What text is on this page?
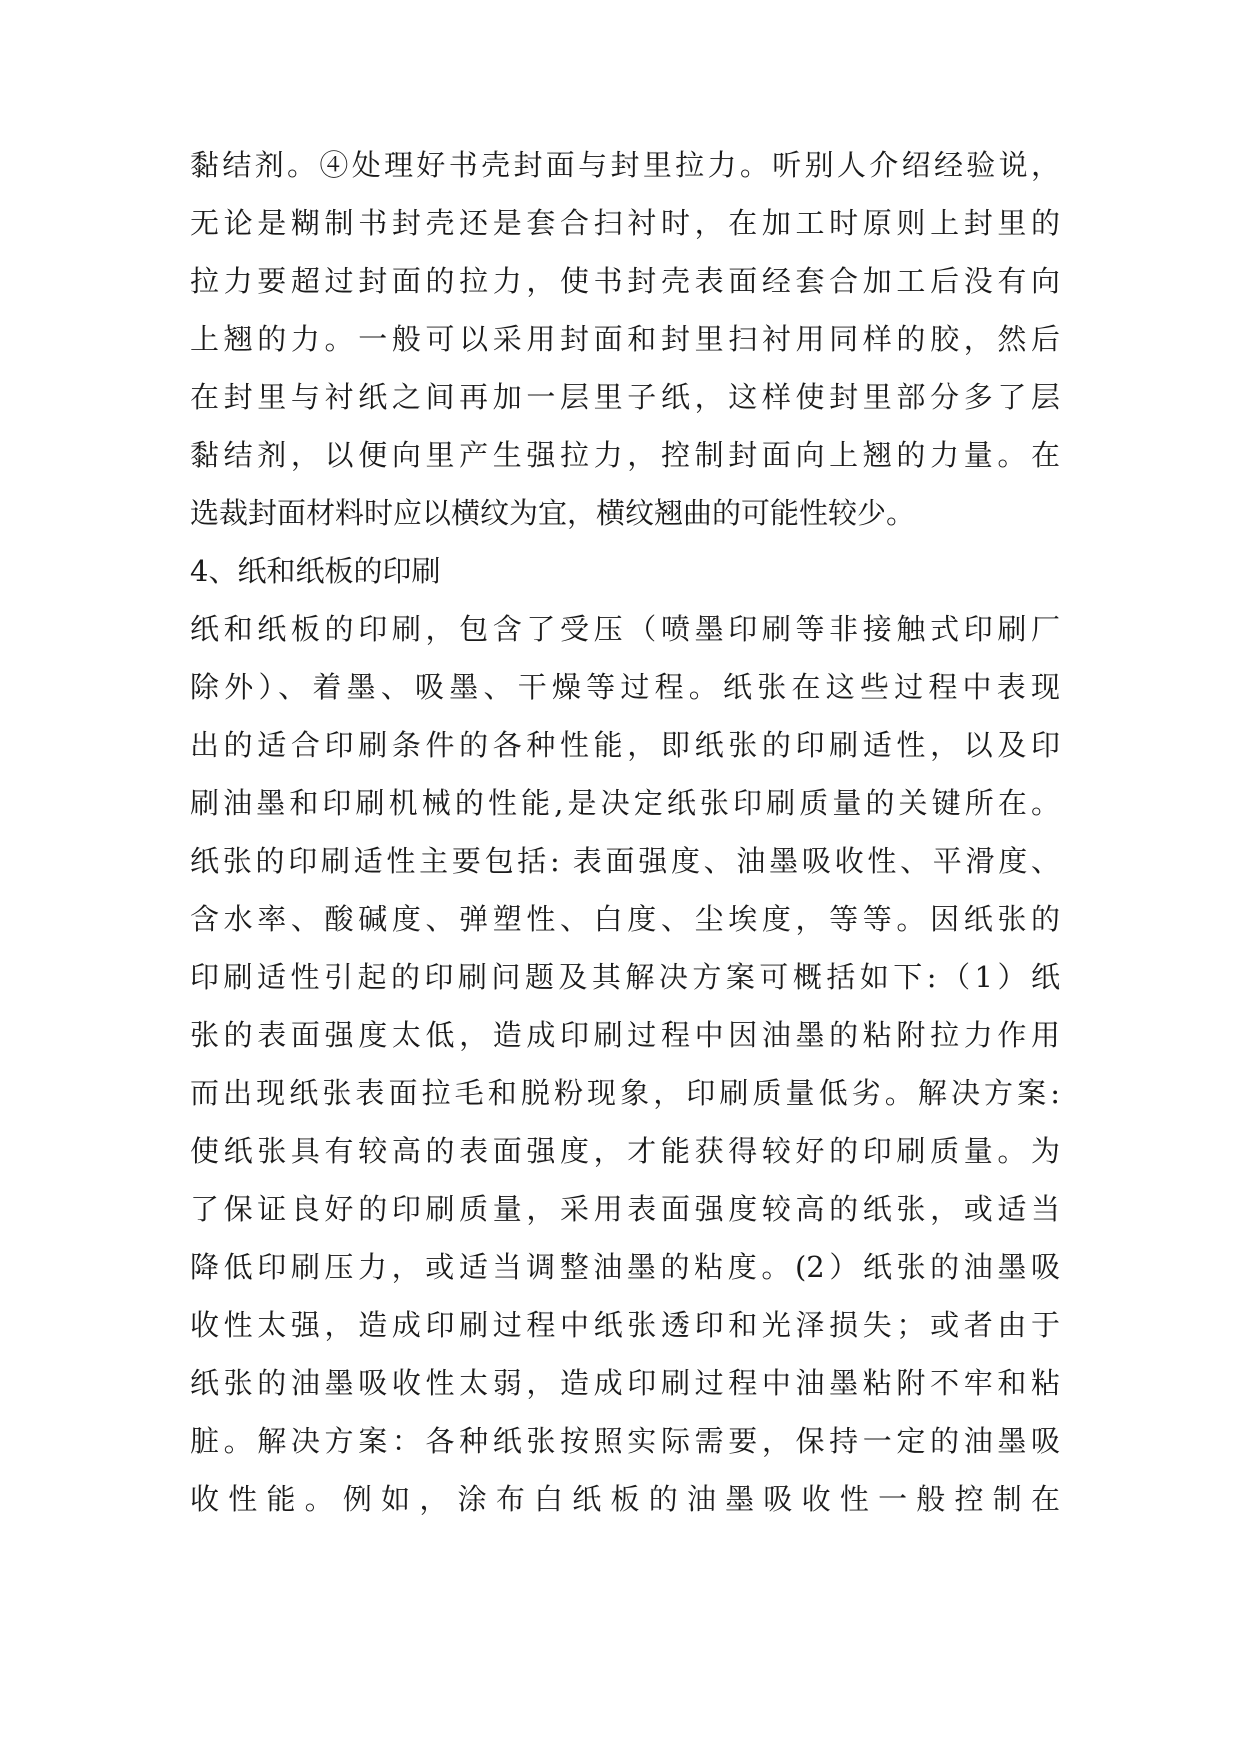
黏结剂。④处理好书壳封面与封里拉力。听别人介绍经验说，
无论是糊制书封壳还是套合扫衬时，在加工时原则上封里的
拉力要超过封面的拉力，使书封壳表面经套合加工后没有向
上翘的力。一般可以采用封面和封里扫衬用同样的胶，然后
在封里与衬纸之间再加一层里子纸，这样使封里部分多了层
黏结剂，以便向里产生强拉力，控制封面向上翘的力量。在
选裁封面材料时应以横纹为宜，横纹翘曲的可能性较少。
4、纸和纸板的印刷
纸和纸板的印刷，包含了受压（喷墨印刷等非接触式印刷厂
除外）、着墨、吸墨、干燥等过程。纸张在这些过程中表现
出的适合印刷条件的各种性能，即纸张的印刷适性，以及印
刷油墨和印刷机械的性能,是决定纸张印刷质量的关键所在。
纸张的印刷适性主要包括: 表面强度、油墨吸收性、平滑度、
含水率、酸碱度、弹塑性、白度、尘埃度，等等。因纸张的
印刷适性引起的印刷问题及其解决方案可概括如下:（1）纸
张的表面强度太低，造成印刷过程中因油墨的粘附拉力作用
而出现纸张表面拉毛和脱粉现象，印刷质量低劣。解决方案:
使纸张具有较高的表面强度，才能获得较好的印刷质量。为
了保证良好的印刷质量，采用表面强度较高的纸张，或适当
降低印刷压力，或适当调整油墨的粘度。(2）纸张的油墨吸
收性太强，造成印刷过程中纸张透印和光泽损失；或者由于
纸张的油墨吸收性太弱，造成印刷过程中油墨粘附不牢和粘
脏。解决方案：各种纸张按照实际需要，保持一定的油墨吸
收性能。例如，涂布白纸板的油墨吸收性一般控制在
